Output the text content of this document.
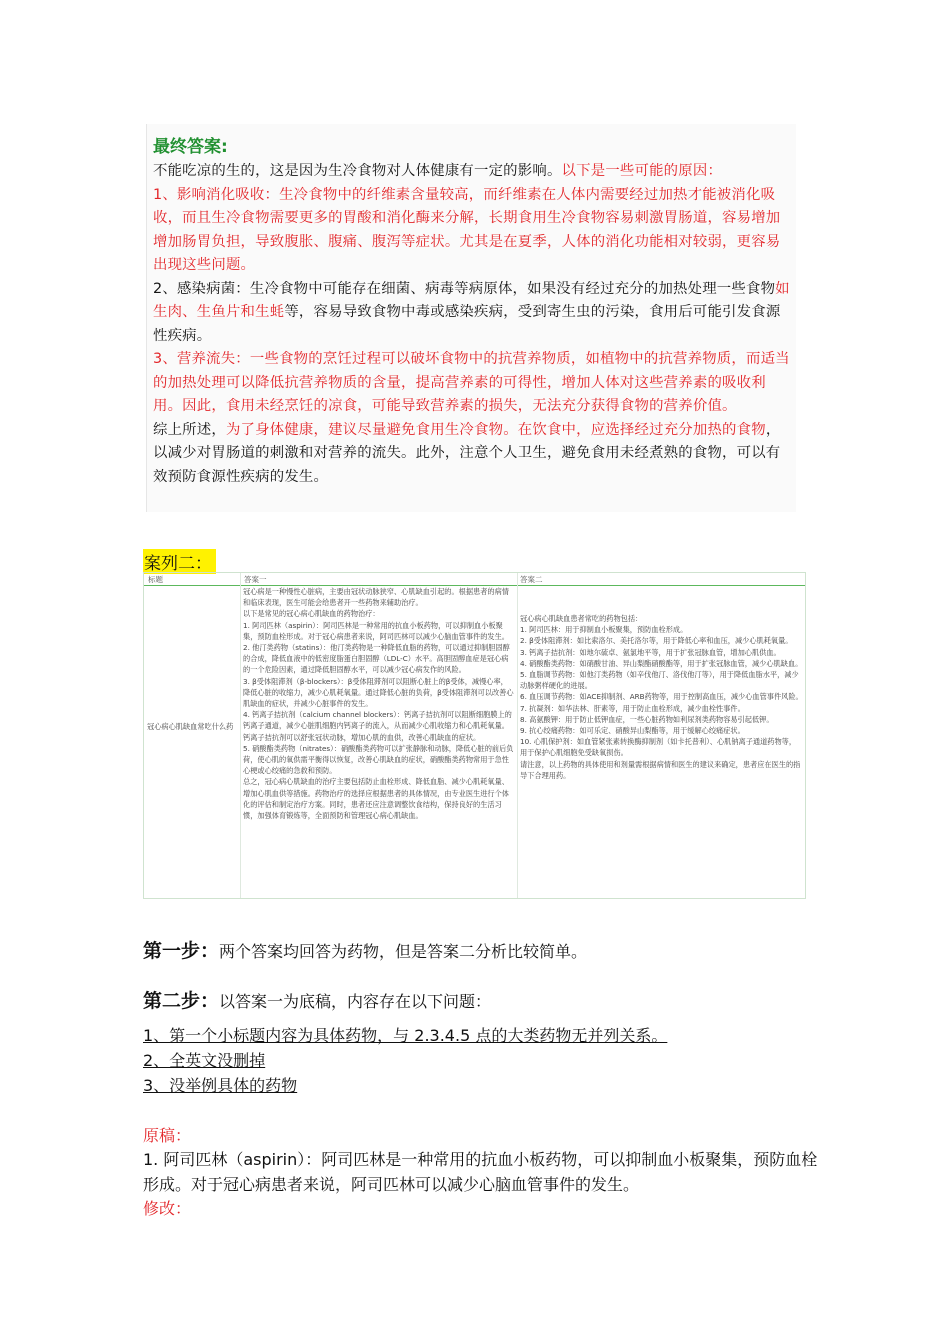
最终答案:

不能吃凉的生的，这是因为生冷食物对人体健康有一定的影响。以下是一些可能的原因：

1、影响消化吸收：生冷食物中的纤维素含量较高，而纤维素在人体内需要经过加热才能被消化吸收，而且生冷食物需要更多的胃酸和消化酶来分解，长期食用生冷食物容易刺激胃肠道，容易增加增加肠胃负担，导致腹胀、腹痛、腹泻等症状。尤其是在夏季，人体的消化功能相对较弱，更容易出现这些问题。

2、感染病菌：生冷食物中可能存在细菌、病毒等病原体，如果没有经过充分的加热处理一些食物如生肉、生鱼片和生蚝等，容易导致食物中毒或感染疾病，受到寄生虫的污染，食用后可能引发食源性疾病。

3、营养流失：一些食物的烹饪过程可以破坏食物中的抗营养物质，如植物中的抗营养物质，而适当的加热处理可以降低抗营养物质的含量，提高营养素的可得性，增加人体对这些营养素的吸收利用。因此，食用未经烹饪的凉食，可能导致营养素的损失，无法充分获得食物的营养价值。

综上所述，为了身体健康，建议尽量避免食用生冷食物。在饮食中，应选择经过充分加热的食物，以减少对胃肠道的刺激和对营养的流失。此外，注意个人卫生，避免食用未经煮熟的食物，可以有效预防食源性疾病的发生。

案列二：
标题	答案一	答案二
冠心病心肌缺血常吃什么药
冠心病是一种慢性心脏病，主要由冠状动脉狭窄、心肌缺血引起的。根据患者的病情和临床表现，医生可能会给患者开一些药物来辅助治疗。
以下是常见的冠心病心肌缺血的药物治疗：
1. 阿司匹林（aspirin）：阿司匹林是一种常用的抗血小板药物，可以抑制血小板聚集，预防血栓形成。对于冠心病患者来说，阿司匹林可以减少心脑血管事件的发生。
2. 他汀类药物（statins）：他汀类药物是一种降低血脂的药物，可以通过抑制胆固醇的合成，降低血液中的低密度脂蛋白胆固醇（LDL-C）水平。高胆固醇血症是冠心病的一个危险因素，通过降低胆固醇水平，可以减少冠心病发作的风险。
3. β受体阻滞剂（β-blockers）：β受体阻滞剂可以阻断心脏上的β受体，减慢心率，降低心脏的收缩力，减少心肌耗氧量。通过降低心脏的负荷，β受体阻滞剂可以改善心肌缺血的症状，并减少心脏事件的发生。
4. 钙离子拮抗剂（calcium channel blockers）：钙离子拮抗剂可以阻断细胞膜上的钙离子通道，减少心脏肌细胞内钙离子的流入，从而减少心肌收缩力和心肌耗氧量。钙离子拮抗剂可以舒张冠状动脉，增加心肌的血供，改善心肌缺血的症状。
5. 硝酸酯类药物（nitrates）：硝酸酯类药物可以扩张静脉和动脉，降低心脏的前后负荷，使心肌的氧供需平衡得以恢复，改善心肌缺血的症状，硝酸酯类药物常用于急性心梗或心绞痛的急救和预防。
总之，冠心病心肌缺血的治疗主要包括防止血栓形成、降低血脂、减少心肌耗氧量、增加心肌血供等措施。药物治疗的选择应根据患者的具体情况，由专业医生进行个体化的评估和制定治疗方案。同时，患者还应注意调整饮食结构，保持良好的生活习惯，加强体育锻炼等，全面预防和管理冠心病心肌缺血。
冠心病心肌缺血患者常吃的药物包括：
1. 阿司匹林：用于抑制血小板聚集，预防血栓形成。
2. β受体阻滞剂：如比索洛尔、美托洛尔等，用于降低心率和血压，减少心肌耗氧量。
3. 钙离子拮抗剂：如地尔硫卓、氨氯地平等，用于扩张冠脉血管，增加心肌供血。
4. 硝酸酯类药物：如硝酸甘油、异山梨酯硝酸酯等，用于扩张冠脉血管，减少心肌缺血。
5. 血脂调节药物：如他汀类药物（如辛伐他汀、洛伐他汀等），用于降低血脂水平，减少动脉粥样硬化的进展。
6. 血压调节药物：如ACE抑制剂、ARB药物等，用于控制高血压，减少心血管事件风险。
7. 抗凝剂：如华法林、肝素等，用于防止血栓形成，减少血栓性事件。
8. 高氨酸钾：用于防止低钾血症，一些心脏药物如利尿剂类药物容易引起低钾。
9. 抗心绞痛药物：如可乐定、硝酸异山梨酯等，用于缓解心绞痛症状。
10. 心肌保护剂：如血管紧张素转换酶抑制剂（如卡托普利）、心肌钠离子通道药物等，用于保护心肌细胞免受缺氧损伤。
请注意，以上药物的具体使用和剂量需根据病情和医生的建议来确定，患者应在医生的指导下合理用药。
第一步：两个答案均回答为药物，但是答案二分析比较简单。
第二步：以答案一为底稿，内容存在以下问题：
1、第一个小标题内容为具体药物，与 2.3.4.5 点的大类药物无并列关系。
2、全英文没删掉
3、没举例具体的药物
原稿：
1. 阿司匹林（aspirin）：阿司匹林是一种常用的抗血小板药物，可以抑制血小板聚集，预防血栓形成。对于冠心病患者来说，阿司匹林可以减少心脑血管事件的发生。
修改：
